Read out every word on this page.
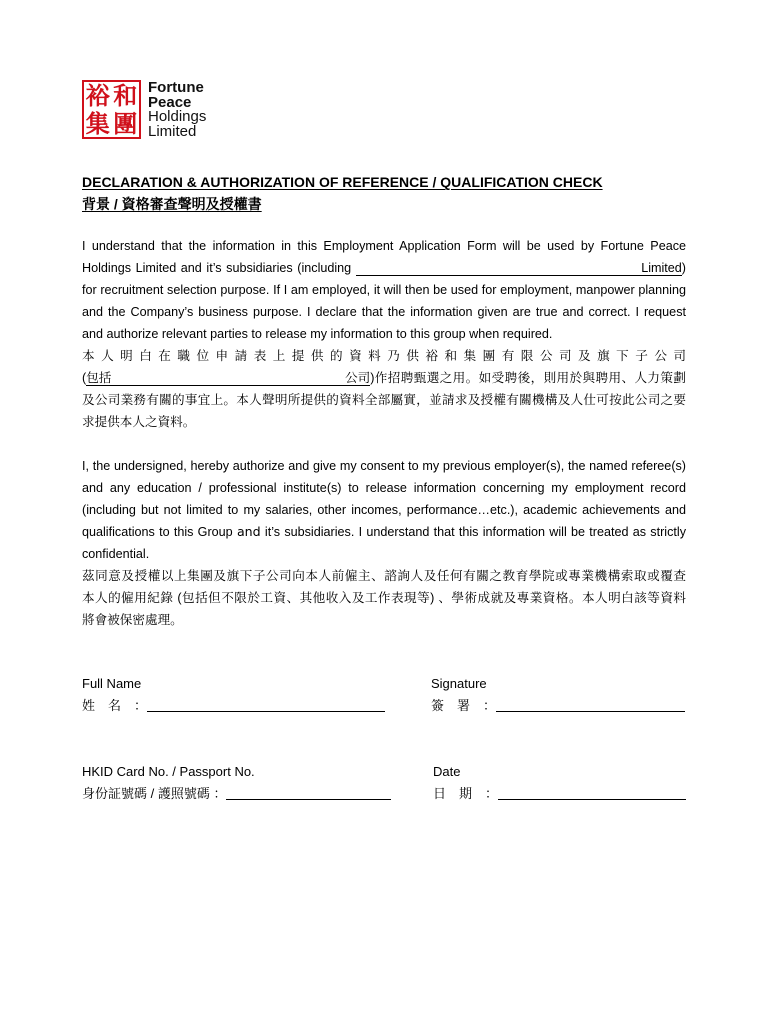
裕 和
集 團
Fortune
Peace
Holdings
Limited
DECLARATION & AUTHORIZATION OF REFERENCE / QUALIFICATION CHECK
背景 / 資格審查聲明及授權書
I understand that the information in this Employment Application Form will be used by Fortune Peace
Holdings Limited and it’s subsidiaries (including	Limited)
for recruitment selection purpose. If I am employed, it will then be used for employment, manpower planning
and the Company’s business purpose. I declare that the information given are true and correct. I request
and authorize relevant parties to release my information to this group when required.
本 人 明 白 在 職 位 申 請 表 上 提 供 的 資 料 乃 供 裕 和 集 團 有 限 公 司 及 旗 下 子 公 司
( 包括	公司 )作招聘甄選之用。如受聘後，則用於與聘用、人力策劃
及公司業務有關的事宜上。本人聲明所提供的資料全部屬實，並請求及授權有關機構及人仕可按此公司之要
求提供本人之資料。
I, the undersigned, hereby authorize and give my consent to my previous employer(s), the named referee(s)
and any education / professional institute(s) to release information concerning my employment record
(including but not limited to my salaries, other incomes, performance…etc.), academic achievements and
qualifications to this Group and it’s subsidiaries. I understand that this information will be treated as strictly
confidential.
茲同意及授權以上集團及旗下子公司向本人前僱主、諮詢人及任何有關之教育學院或專業機構索取或覆查
本人的僱用紀錄 (包括但不限於工資、其他收入及工作表現等) 、學術成就及專業資格。本人明白該等資料
將會被保密處理。
Full Name
姓　名　：
Signature
簽　署　：
HKID Card No. / Passport No.
身份証號碼 / 護照號碼 ：
Date
日　期　：
